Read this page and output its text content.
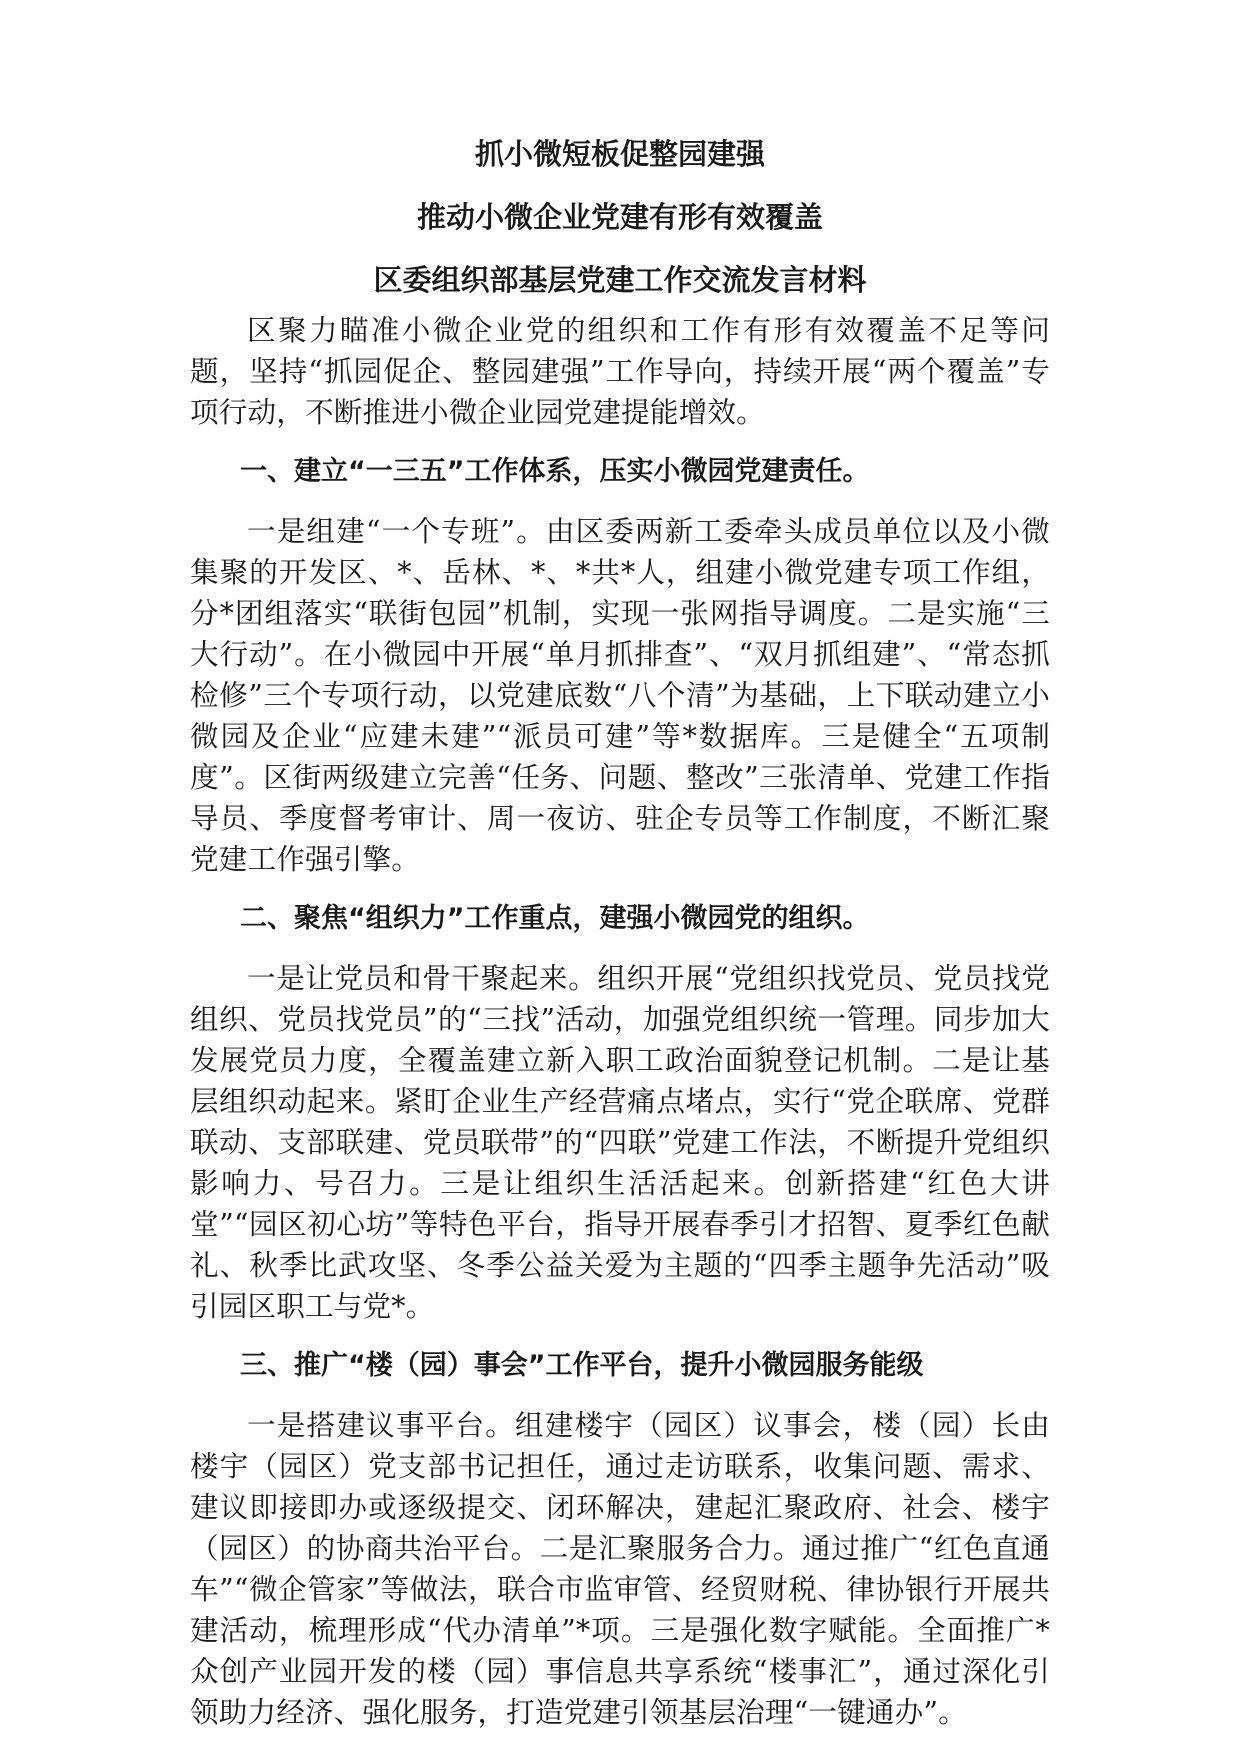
抓小微短板促整园建强

推动小微企业党建有形有效覆盖

区委组织部基层党建工作交流发言材料

区聚力瞄准小微企业党的组织和工作有形有效覆盖不足等问题，坚持“抓园促企、整园建强”工作导向，持续开展“两个覆盖”专项行动，不断推进小微企业园党建提能增效。

一、建立“一三五”工作体系，压实小微园党建责任。

一是组建“一个专班”。由区委两新工委牵头成员单位以及小微集聚的开发区、*、岳林、*、*共*人，组建小微党建专项工作组，分*团组落实“联街包园”机制，实现一张网指导调度。二是实施“三大行动”。在小微园中开展“单月抓排查”、“双月抓组建”、“常态抓检修”三个专项行动，以党建底数“八个清”为基础，上下联动建立小微园及企业“应建未建”“派员可建”等*数据库。三是健全“五项制度”。区街两级建立完善“任务、问题、整改”三张清单、党建工作指导员、季度督考审计、周一夜访、驻企专员等工作制度，不断汇聚党建工作强引擎。

二、聚焦“组织力”工作重点，建强小微园党的组织。

一是让党员和骨干聚起来。组织开展“党组织找党员、党员找党组织、党员找党员”的“三找”活动，加强党组织统一管理。同步加大发展党员力度，全覆盖建立新入职工政治面貌登记机制。二是让基层组织动起来。紧盯企业生产经营痛点堵点，实行“党企联席、党群联动、支部联建、党员联带”的“四联”党建工作法，不断提升党组织影响力、号召力。三是让组织生活活起来。创新搭建“红色大讲堂”“园区初心坊”等特色平台，指导开展春季引才招智、夏季红色献礼、秋季比武攻坚、冬季公益关爱为主题的“四季主题争先活动”吸引园区职工与党*。

三、推广“楼（园）事会”工作平台，提升小微园服务能级

一是搭建议事平台。组建楼宇（园区）议事会，楼（园）长由楼宇（园区）党支部书记担任，通过走访联系，收集问题、需求、建议即接即办或逐级提交、闭环解决，建起汇聚政府、社会、楼宇（园区）的协商共治平台。二是汇聚服务合力。通过推广“红色直通车”“微企管家”等做法，联合市监审管、经贸财税、律协银行开展共建活动，梳理形成“代办清单”*项。三是强化数字赋能。全面推广*众创产业园开发的楼（园）事信息共享系统“楼事汇”，通过深化引领助力经济、强化服务，打造党建引领基层治理“一键通办”。
